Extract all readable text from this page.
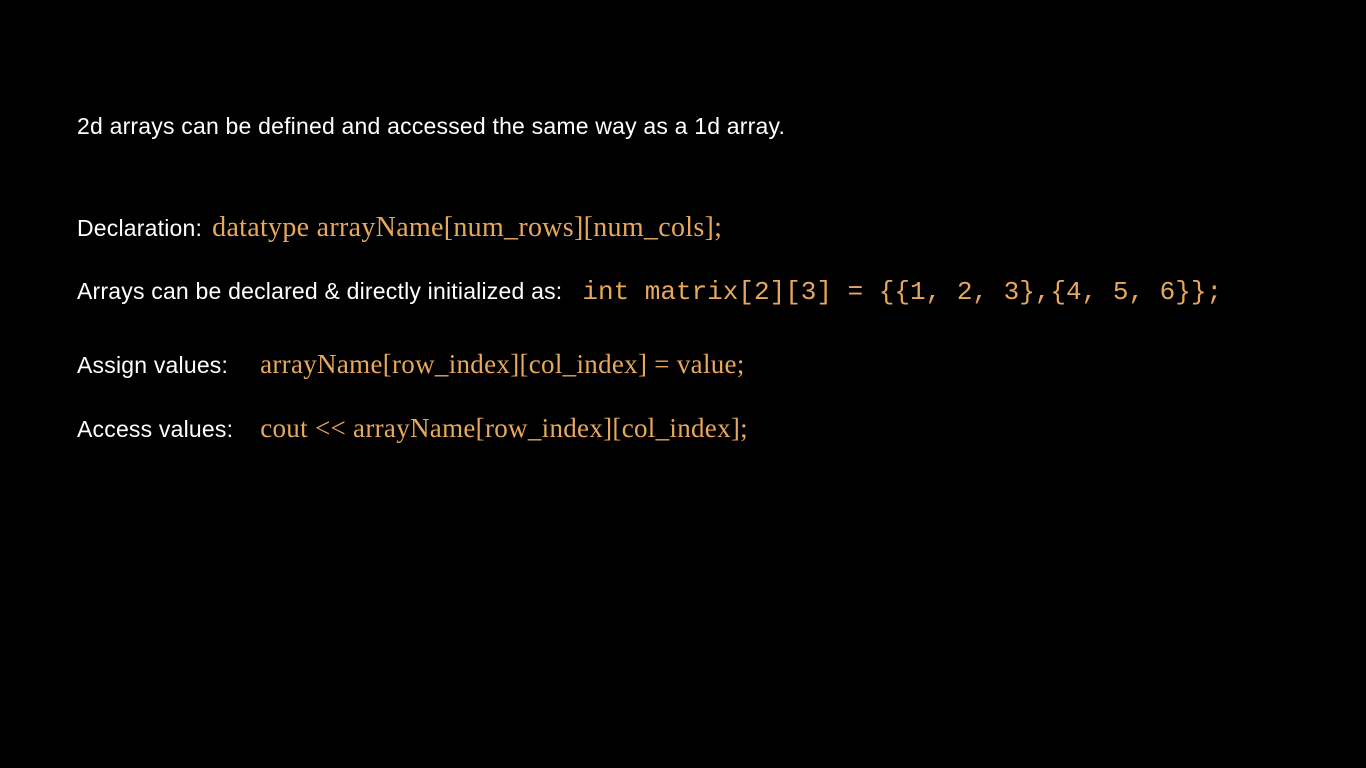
2d arrays can be defined and accessed the same way as a 1d array.
Declaration: datatype arrayName[num_rows][num_cols];
Arrays can be declared & directly initialized as: int matrix[2][3] = {{1, 2, 3},{4, 5, 6}};
Assign values: arrayName[row_index][col_index] = value;
Access values: cout << arrayName[row_index][col_index];
